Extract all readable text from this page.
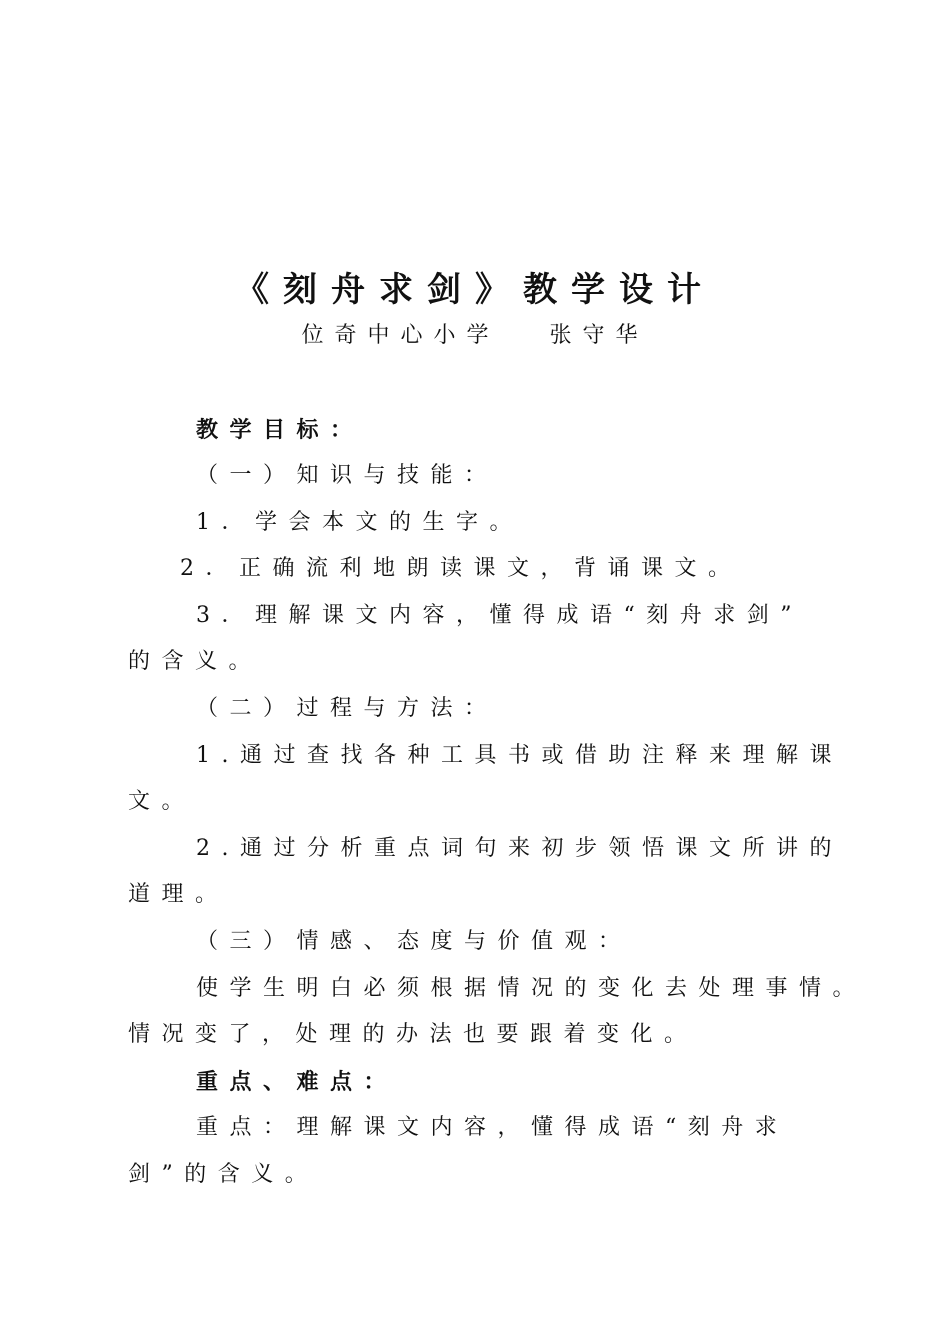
《刻舟求剑》教学设计
位奇中心小学 张守华
教学目标：
（一）知识与技能：
1．学会本文的生字。
2．正确流利地朗读课文，背诵课文。
3．理解课文内容，懂得成语“刻舟求剑”
的含义。
（二）过程与方法：
1.通过查找各种工具书或借助注释来理解课
文。
2.通过分析重点词句来初步领悟课文所讲的
道理。
（三）情感、态度与价值观：
使学生明白必须根据情况的变化去处理事情。
情况变了，处理的办法也要跟着变化。
重点、难点：
重点：理解课文内容，懂得成语“刻舟求
剑”的含义。
